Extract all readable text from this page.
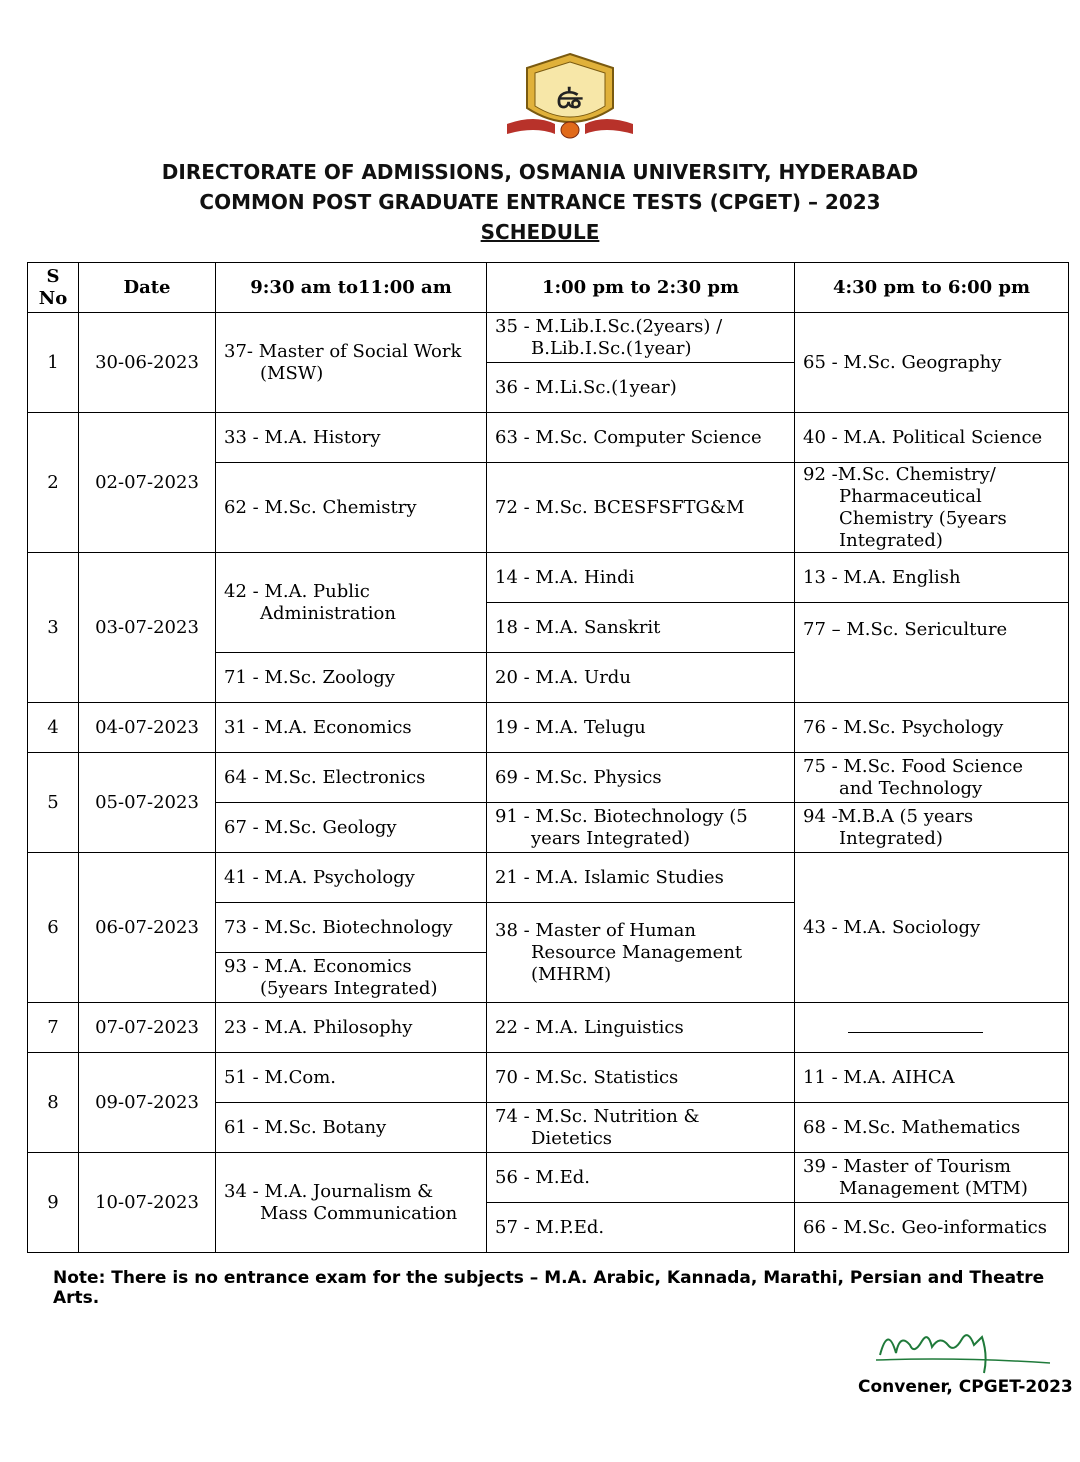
ఉ
DIRECTORATE OF ADMISSIONS, OSMANIA UNIVERSITY, HYDERABAD
COMMON POST GRADUATE ENTRANCE TESTS (CPGET) – 2023
SCHEDULE
S No	Date	9:30 am to11:00 am	1:00 pm to 2:30 pm	4:30 pm to 6:00 pm
1	30-06-2023	37- Master of Social Work (MSW)	35 - M.Lib.I.Sc.(2years) / B.Lib.I.Sc.(1year)	65 - M.Sc. Geography

			36 - M.Li.Sc.(1year)	

2	02-07-2023	33 - M.A. History	63 - M.Sc. Computer Science	40 - M.A. Political Science

		62 - M.Sc. Chemistry	72 - M.Sc. BCESFSFTG&M	92 -M.Sc. Chemistry/ Pharmaceutical Chemistry (5years Integrated)

3	03-07-2023	42 - M.A. Public Administration	14 - M.A. Hindi	13 - M.A. English

			18 - M.A. Sanskrit	77 – M.Sc. Sericulture

		71 - M.Sc. Zoology	20 - M.A. Urdu	

4	04-07-2023	31 - M.A. Economics	19 - M.A. Telugu	76 - M.Sc. Psychology

5	05-07-2023	64 - M.Sc. Electronics	69 - M.Sc. Physics	75 - M.Sc. Food Science and Technology

		67 - M.Sc. Geology	91 - M.Sc. Biotechnology (5 years Integrated)	94 -M.B.A (5 years Integrated)

6	06-07-2023	41 - M.A. Psychology	21 - M.A. Islamic Studies	43 - M.A. Sociology

		73 - M.Sc. Biotechnology	38 - Master of Human Resource Management (MHRM)	

		93 - M.A. Economics (5years Integrated)		

7	07-07-2023	23 - M.A. Philosophy	22 - M.A. Linguistics	

8	09-07-2023	51 - M.Com.	70 - M.Sc. Statistics	11 - M.A. AIHCA

		61 - M.Sc. Botany	74 - M.Sc. Nutrition & Dietetics	68 - M.Sc. Mathematics

9	10-07-2023	34 - M.A. Journalism & Mass Communication	56 - M.Ed.	39 - Master of Tourism Management (MTM)

			57 - M.P.Ed.	66 - M.Sc. Geo-informatics
Note: There is no entrance exam for the subjects – M.A. Arabic, Kannada, Marathi, Persian and Theatre Arts.
Convener, CPGET-2023
